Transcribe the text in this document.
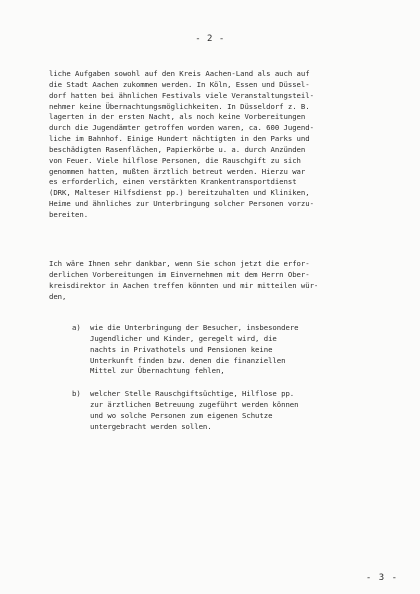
- 2 -
liche Aufgaben sowohl auf den Kreis Aachen-Land als auch auf
die Stadt Aachen zukommen werden. In Köln, Essen und Düssel-
dorf hatten bei ähnlichen Festivals viele Veranstaltungsteil-
nehmer keine Übernachtungsmöglichkeiten. In Düsseldorf z. B.
lagerten in der ersten Nacht, als noch keine Vorbereitungen
durch die Jugendämter getroffen worden waren, ca. 600 Jugend-
liche im Bahnhof. Einige Hundert nächtigten in den Parks und
beschädigten Rasenflächen, Papierkörbe u. a. durch Anzünden
von Feuer. Viele hilflose Personen, die Rauschgift zu sich
genommen hatten, mußten ärztlich betreut werden. Hierzu war
es erforderlich, einen verstärkten Krankentransportdienst
(DRK, Malteser Hilfsdienst pp.) bereitzuhalten und Kliniken,
Heime und ähnliches zur Unterbringung solcher Personen vorzu-
bereiten.
Ich wäre Ihnen sehr dankbar, wenn Sie schon jetzt die erfor-
derlichen Vorbereitungen im Einvernehmen mit dem Herrn Ober-
kreisdirektor in Aachen treffen könnten und mir mitteilen wür-
den,
a) wie die Unterbringung der Besucher, insbesondere
Jugendlicher und Kinder, geregelt wird, die
nachts in Privathotels und Pensionen keine
Unterkunft finden bzw. denen die finanziellen
Mittel zur Übernachtung fehlen,
b) welcher Stelle Rauschgiftsüchtige, Hilflose pp.
zur ärztlichen Betreuung zugeführt werden können
und wo solche Personen zum eigenen Schutze
untergebracht werden sollen.
- 3 -
